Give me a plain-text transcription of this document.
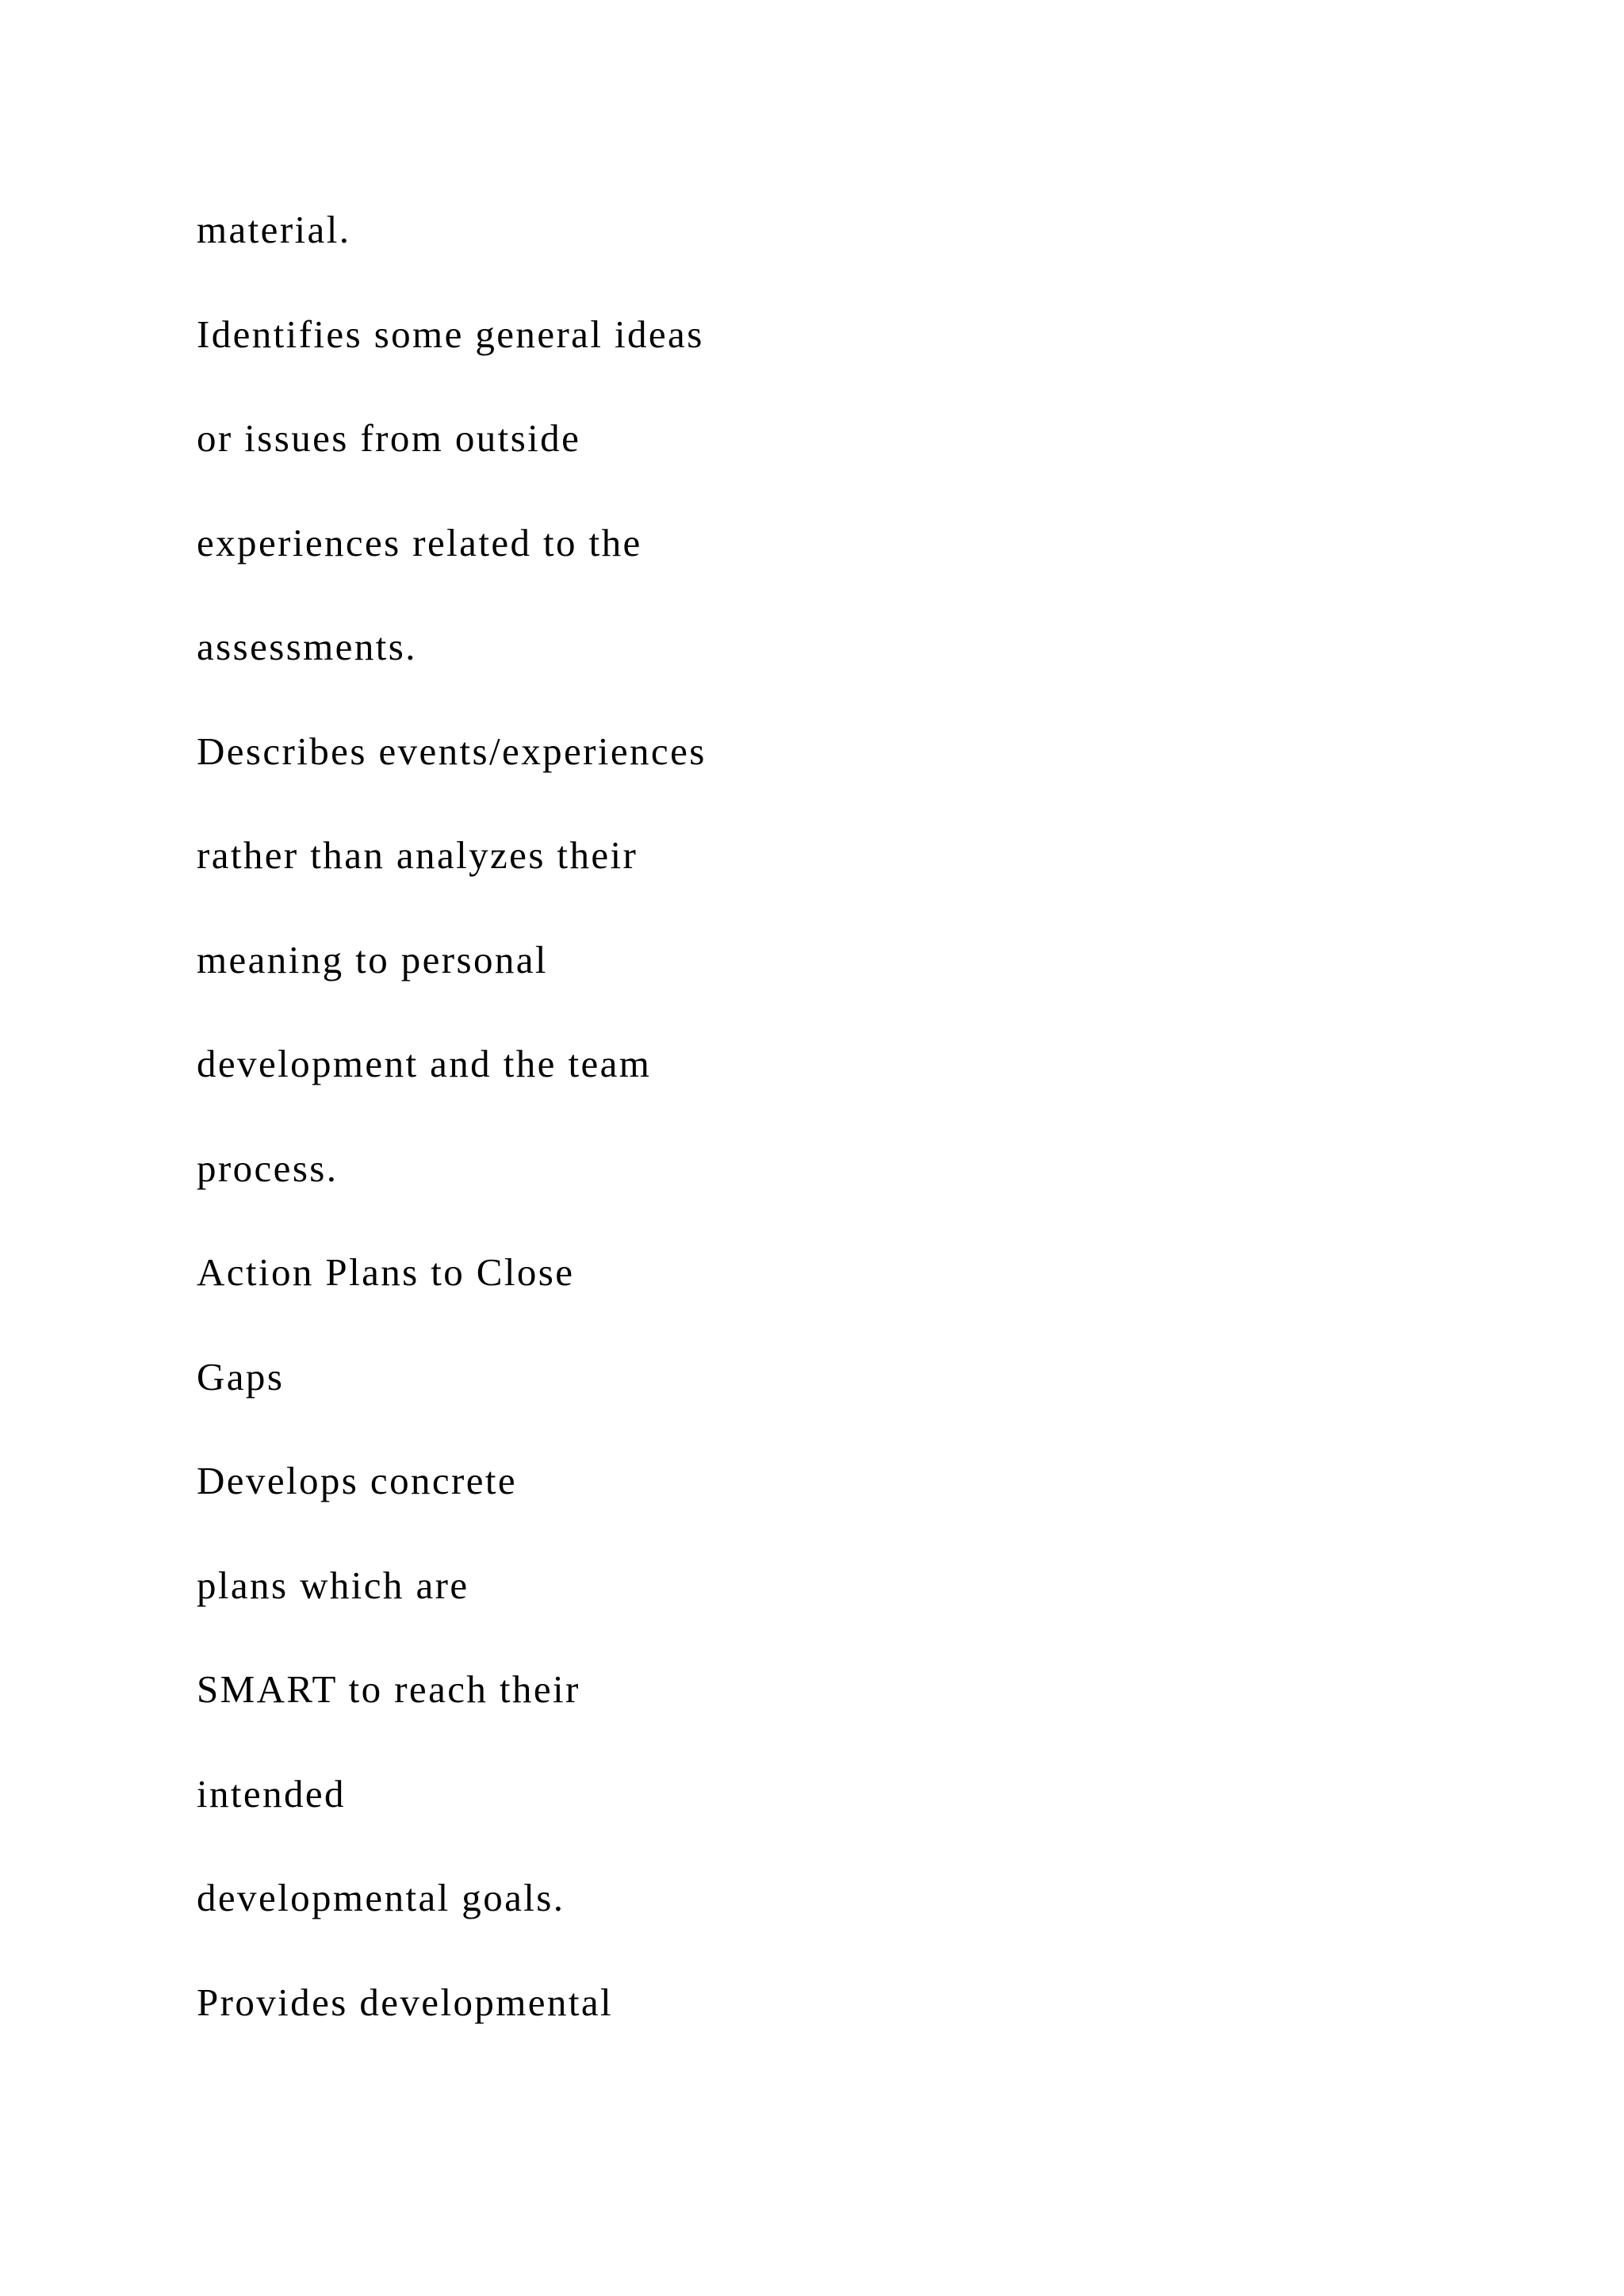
material.
Identifies some general ideas
or issues from outside
experiences related to the
assessments.
Describes events/experiences
rather than analyzes their
meaning to personal
development and the team
process.
Action Plans to Close
Gaps
Develops concrete
plans which are
SMART to reach their
intended
developmental goals.
Provides developmental
